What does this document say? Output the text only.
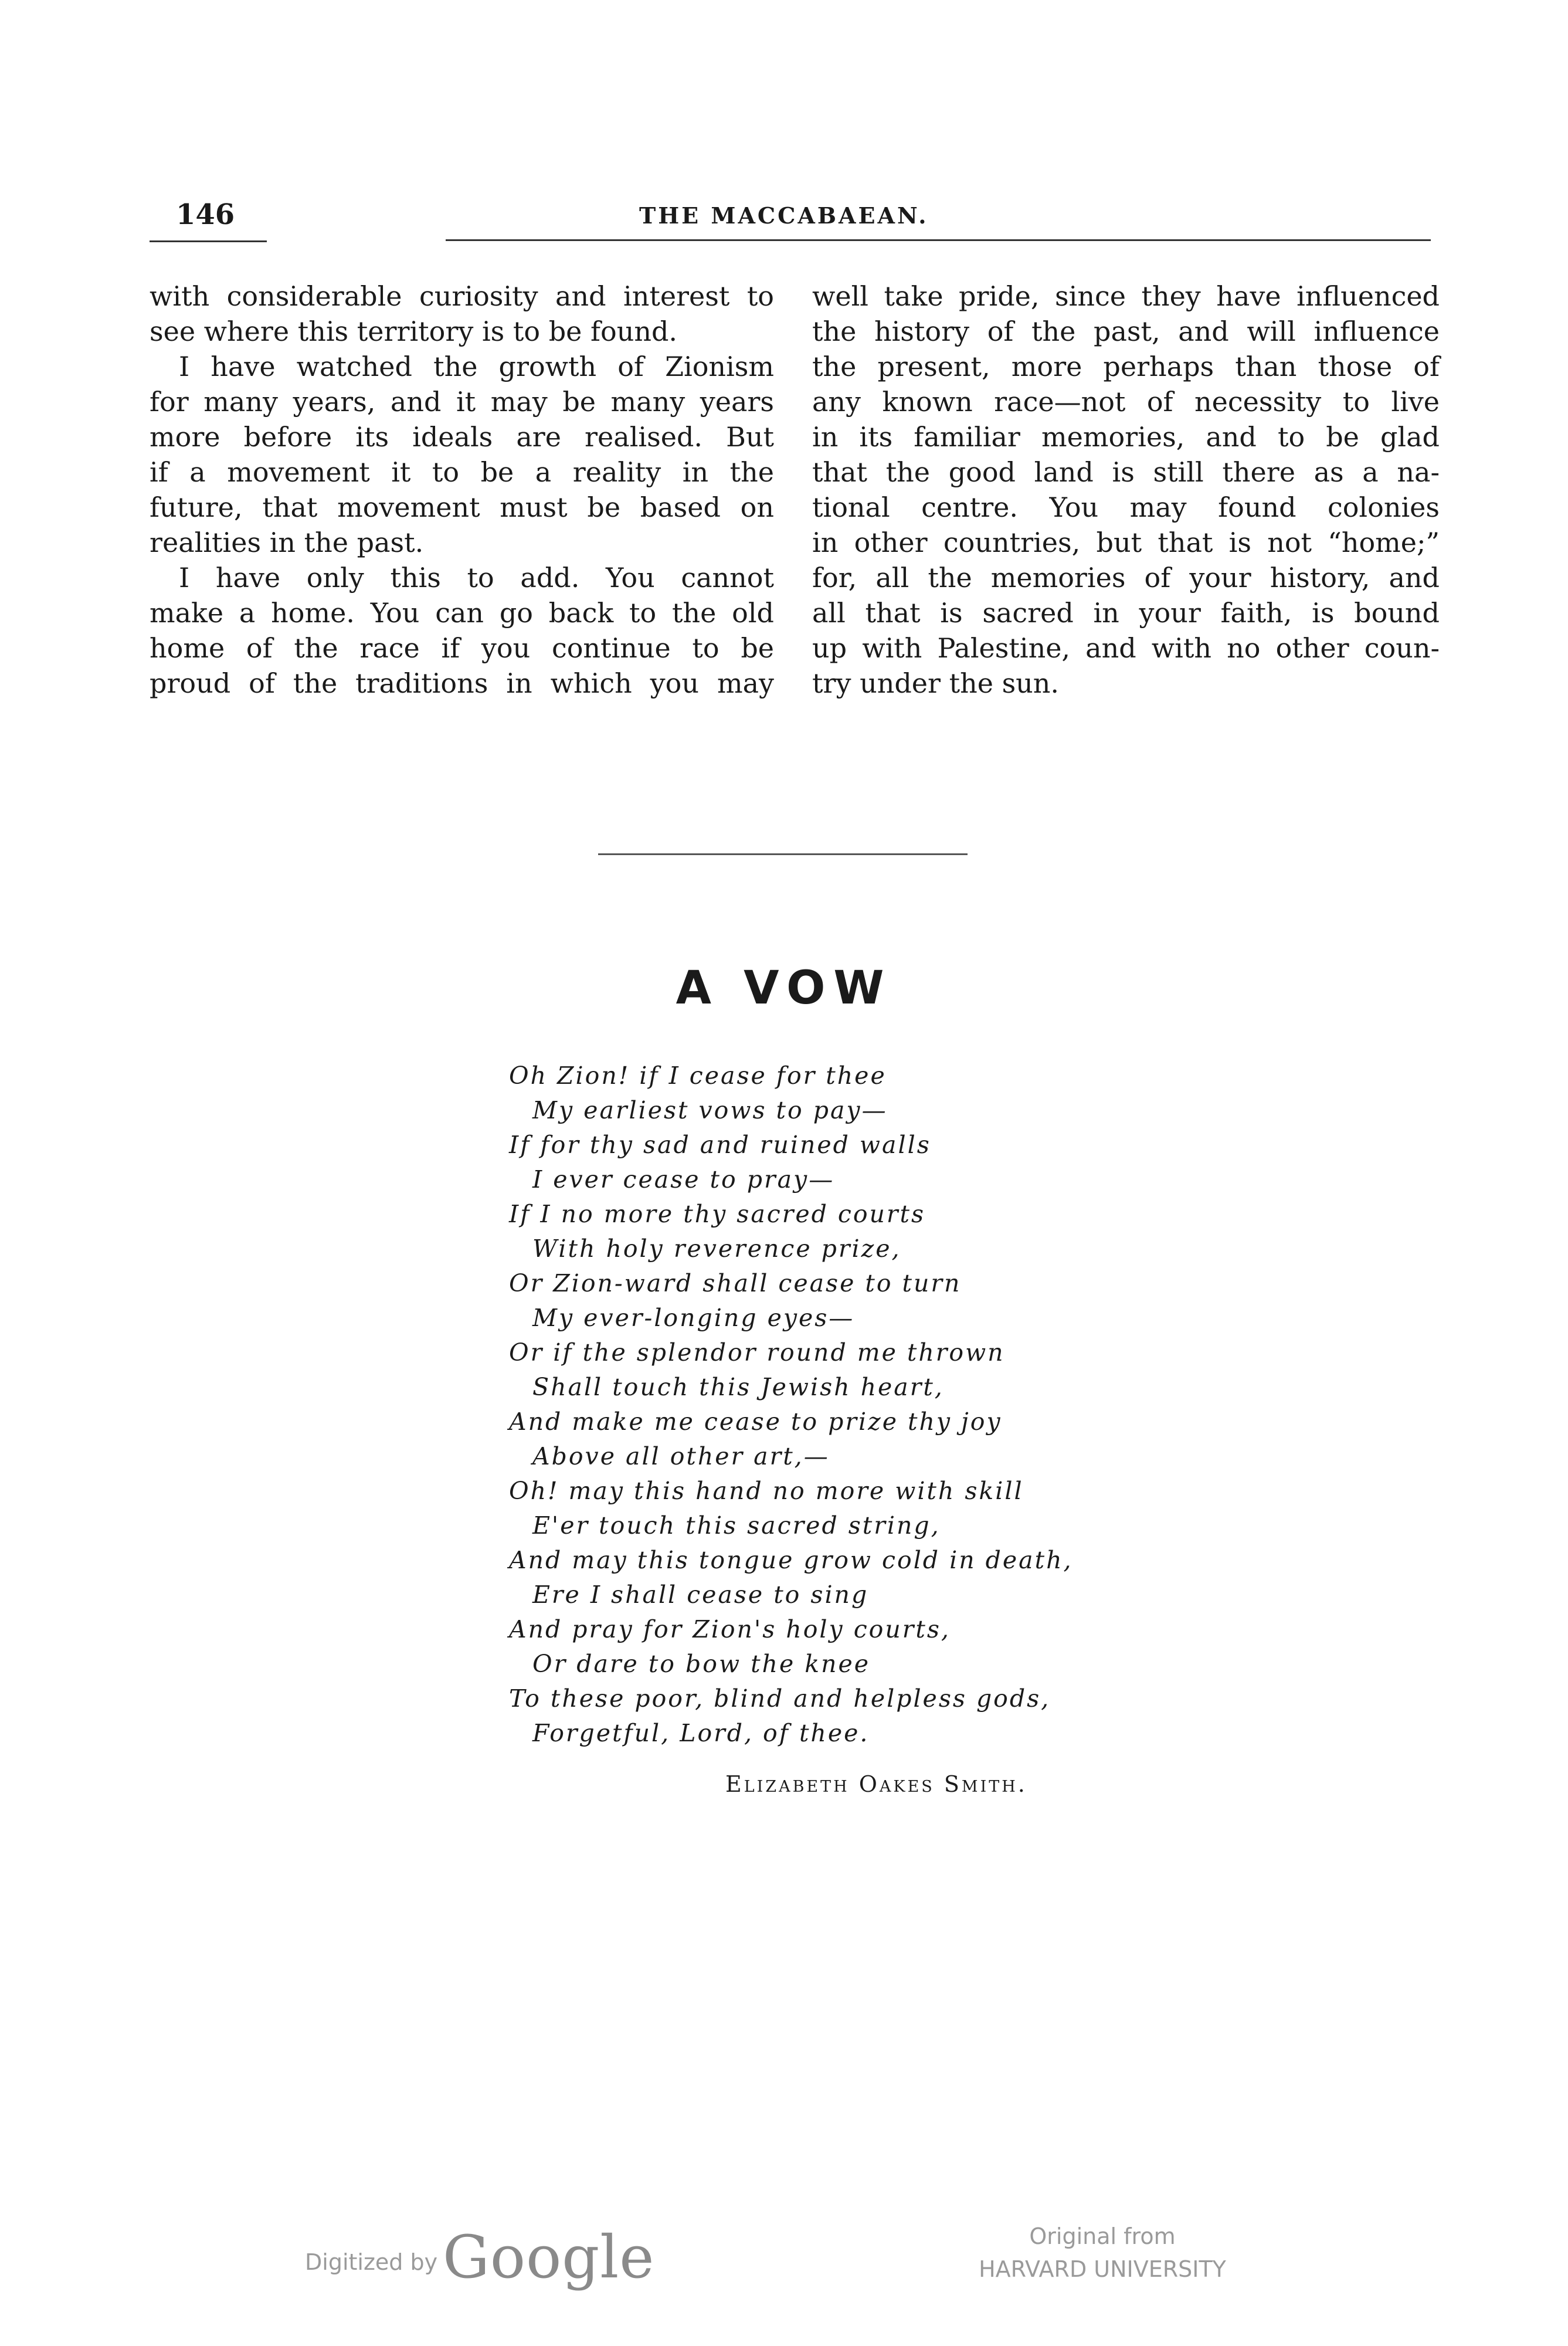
146	THE MACCABAEAN.
with considerable curiosity and interest to
see where this territory is to be found.
I have watched the growth of Zionism
for many years, and it may be many years
more before its ideals are realised. But
if a movement it to be a reality in the
future, that movement must be based on
realities in the past.
I have only this to add. You cannot
make a home. You can go back to the old
home of the race if you continue to be
proud of the traditions in which you may
well take pride, since they have influenced
the history of the past, and will influence
the present, more perhaps than those of
any known race—not of necessity to live
in its familiar memories, and to be glad
that the good land is still there as a na-
tional centre. You may found colonies
in other countries, but that is not “home;”
for, all the memories of your history, and
all that is sacred in your faith, is bound
up with Palestine, and with no other coun-
try under the sun.
A VOW
Oh Zion! if I cease for thee
My earliest vows to pay—
If for thy sad and ruined walls
I ever cease to pray—
If I no more thy sacred courts
With holy reverence prize,
Or Zion-ward shall cease to turn
My ever-longing eyes—
Or if the splendor round me thrown
Shall touch this Jewish heart,
And make me cease to prize thy joy
Above all other art,—
Oh! may this hand no more with skill
E'er touch this sacred string,
And may this tongue grow cold in death,
Ere I shall cease to sing
And pray for Zion's holy courts,
Or dare to bow the knee
To these poor, blind and helpless gods,
Forgetful, Lord, of thee.
Elizabeth Oakes Smith.
Digitized by Google	Original from
HARVARD UNIVERSITY
